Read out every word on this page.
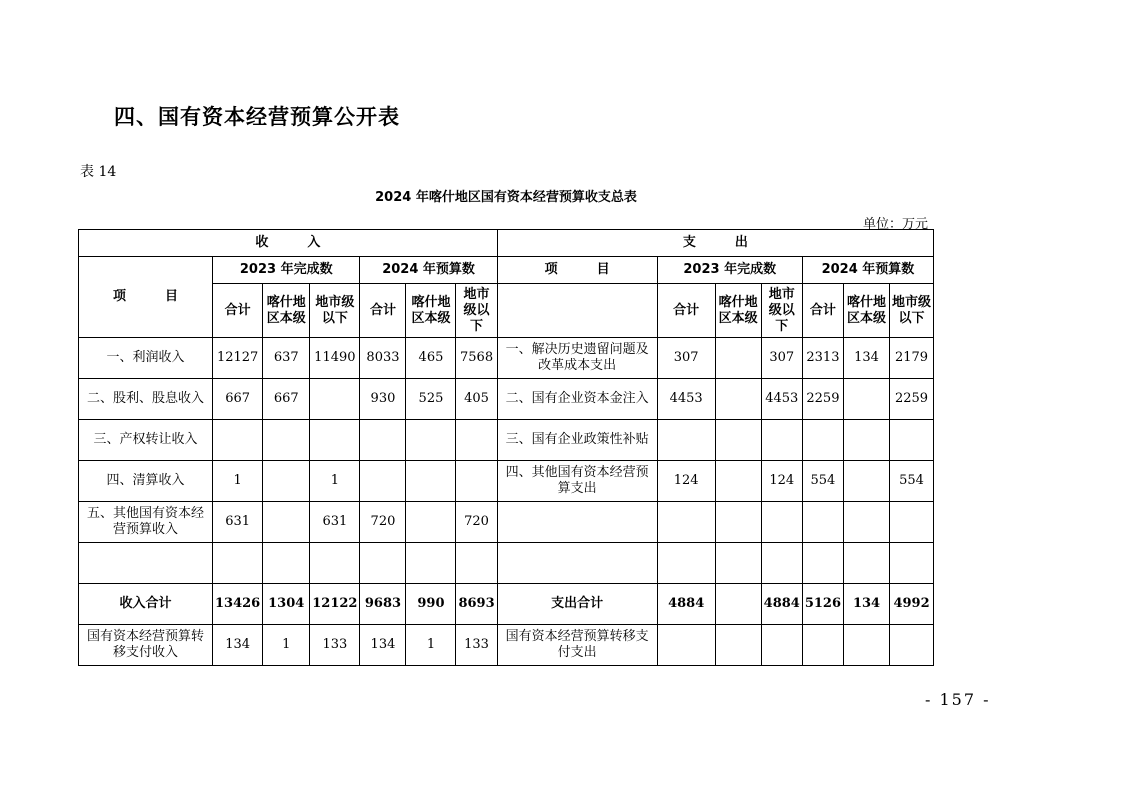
四、国有资本经营预算公开表
表 14
2024 年喀什地区国有资本经营预算收支总表
单位：万元
收　　　入							支　　　出						
项　　　目	2023 年完成数			2024 年预算数			项　　　目	2023 年完成数			2024 年预算数		
	合计	喀什地区本级	地市级以下	合计	喀什地区本级	地市级以下		合计	喀什地区本级	地市级以下	合计	喀什地区本级	地市级以下
一、利润收入	12127	637	11490	8033	465	7568	一、解决历史遗留问题及改革成本支出	307		307	2313	134	2179
二、股利、股息收入	667	667		930	525	405	二、国有企业资本金注入	4453		4453	2259		2259
三、产权转让收入							三、国有企业政策性补贴						
四、清算收入	1		1				四、其他国有资本经营预算支出	124		124	554		554
五、其他国有资本经营预算收入	631		631	720		720							

收入合计	13426	1304	12122	9683	990	8693	支出合计	4884		4884	5126	134	4992
国有资本经营预算转移支付收入	134	1	133	134	1	133	国有资本经营预算转移支付支出						
- 157 -
